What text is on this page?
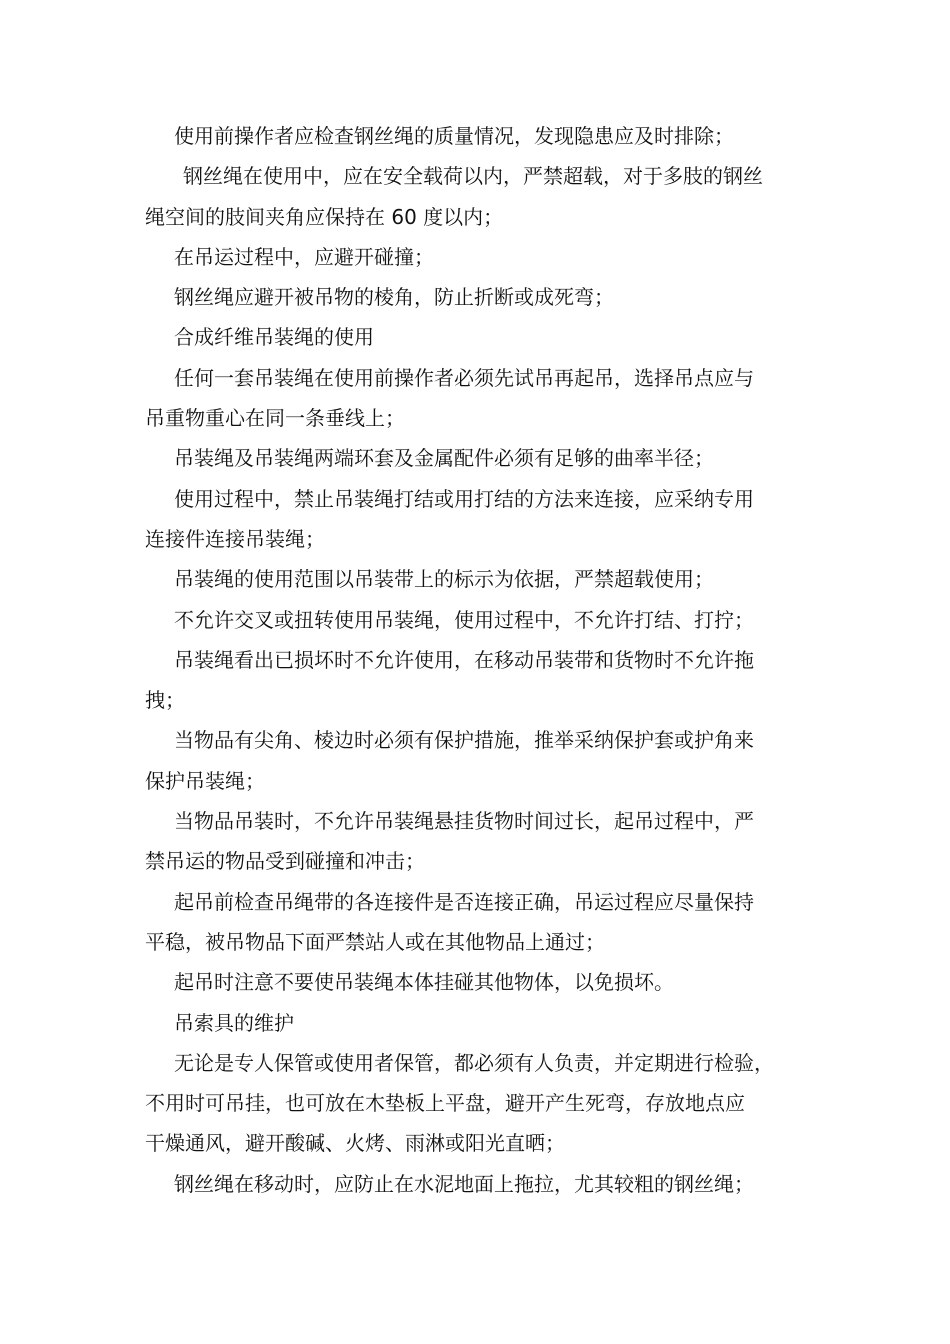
使用前操作者应检查钢丝绳的质量情况，发现隐患应及时排除；

钢丝绳在使用中，应在安全载荷以内，严禁超载，对于多肢的钢丝
绳空间的肢间夹角应保持在 60 度以内；

在吊运过程中，应避开碰撞；

钢丝绳应避开被吊物的棱角，防止折断或成死弯；

合成纤维吊装绳的使用

任何一套吊装绳在使用前操作者必须先试吊再起吊，选择吊点应与
吊重物重心在同一条垂线上；

吊装绳及吊装绳两端环套及金属配件必须有足够的曲率半径；

使用过程中，禁止吊装绳打结或用打结的方法来连接，应采纳专用
连接件连接吊装绳；

吊装绳的使用范围以吊装带上的标示为依据，严禁超载使用；

不允许交叉或扭转使用吊装绳，使用过程中，不允许打结、打拧；

吊装绳看出已损坏时不允许使用，在移动吊装带和货物时不允许拖
拽；

当物品有尖角、棱边时必须有保护措施，推举采纳保护套或护角来
保护吊装绳；

当物品吊装时，不允许吊装绳悬挂货物时间过长，起吊过程中，严
禁吊运的物品受到碰撞和冲击；

起吊前检查吊绳带的各连接件是否连接正确，吊运过程应尽量保持
平稳，被吊物品下面严禁站人或在其他物品上通过；

起吊时注意不要使吊装绳本体挂碰其他物体，以免损坏。

吊索具的维护

无论是专人保管或使用者保管，都必须有人负责，并定期进行检验，
不用时可吊挂，也可放在木垫板上平盘，避开产生死弯，存放地点应
干燥通风，避开酸碱、火烤、雨淋或阳光直晒；

钢丝绳在移动时，应防止在水泥地面上拖拉，尤其较粗的钢丝绳；
